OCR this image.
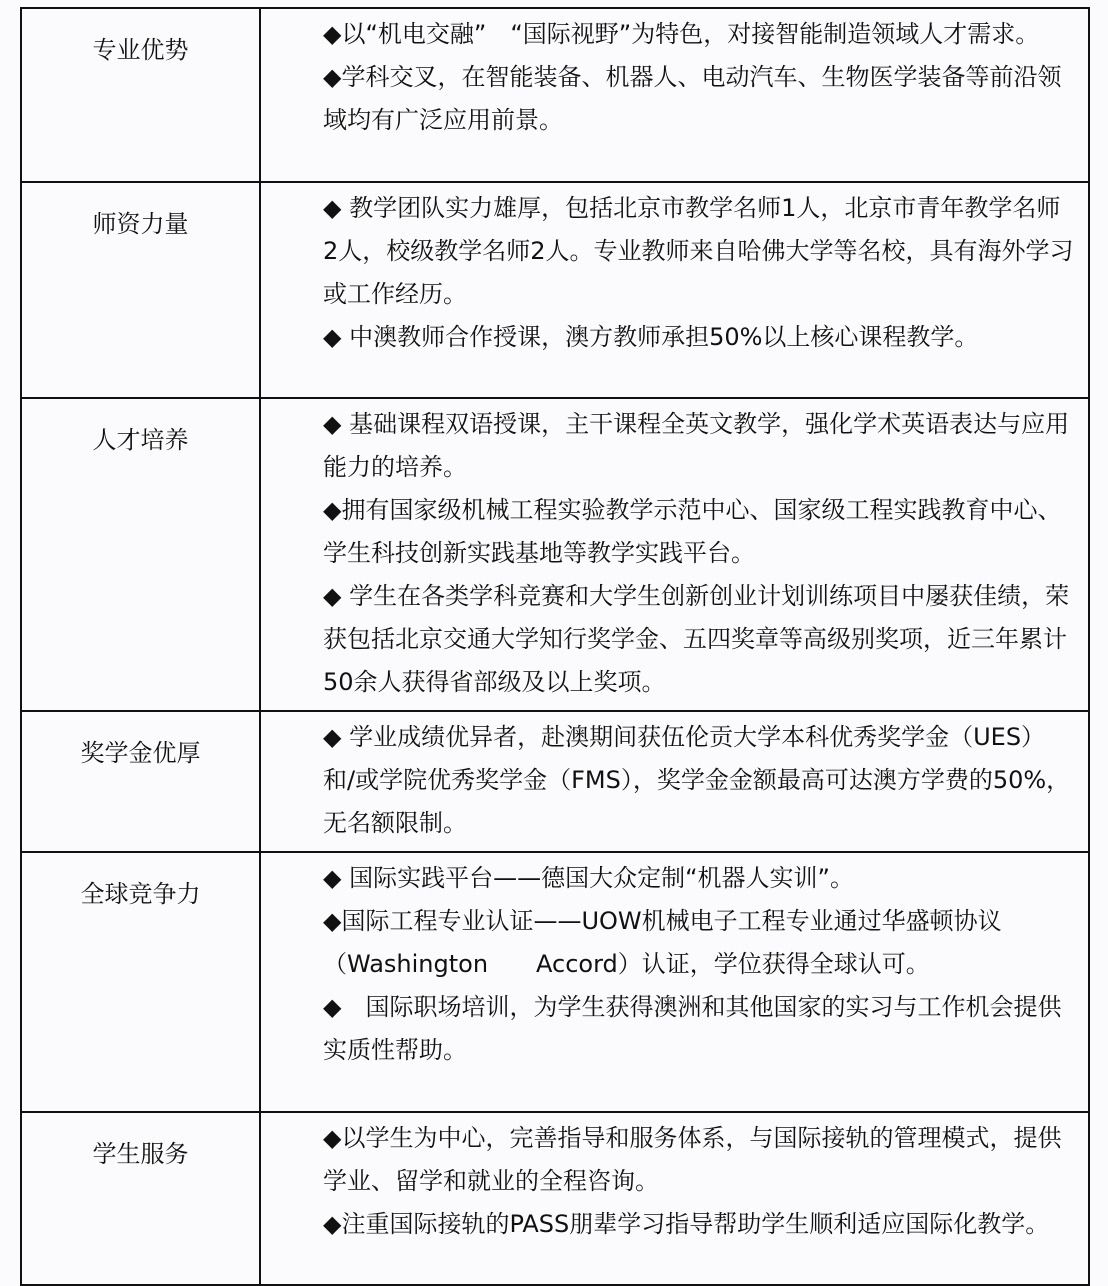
专业优势	◆以“机电交融”　“国际视野”为特色，对接智能制造领域人才需求。

◆学科交叉，在智能装备、机器人、电动汽车、生物医学装备等前沿领域均有广泛应用前景。

师资力量	◆ 教学团队实力雄厚，包括北京市教学名师1人，北京市青年教学名师2人，校级教学名师2人。专业教师来自哈佛大学等名校，具有海外学习或工作经历。

◆ 中澳教师合作授课，澳方教师承担50%以上核心课程教学。

人才培养	◆ 基础课程双语授课，主干课程全英文教学，强化学术英语表达与应用能力的培养。

◆拥有国家级机械工程实验教学示范中心、国家级工程实践教育中心、学生科技创新实践基地等教学实践平台。

◆ 学生在各类学科竞赛和大学生创新创业计划训练项目中屡获佳绩，荣获包括北京交通大学知行奖学金、五四奖章等高级别奖项，近三年累计50余人获得省部级及以上奖项。

奖学金优厚	◆ 学业成绩优异者，赴澳期间获伍伦贡大学本科优秀奖学金（UES）和/或学院优秀奖学金（FMS），奖学金金额最高可达澳方学费的50%，无名额限制。

全球竞争力	◆ 国际实践平台——德国大众定制“机器人实训”。

◆国际工程专业认证——UOW机械电子工程专业通过华盛顿协议（Washington　　Accord）认证，学位获得全球认可。

◆　国际职场培训，为学生获得澳洲和其他国家的实习与工作机会提供实质性帮助。

学生服务	◆以学生为中心，完善指导和服务体系，与国际接轨的管理模式，提供学业、留学和就业的全程咨询。

◆注重国际接轨的PASS朋辈学习指导帮助学生顺利适应国际化教学。
